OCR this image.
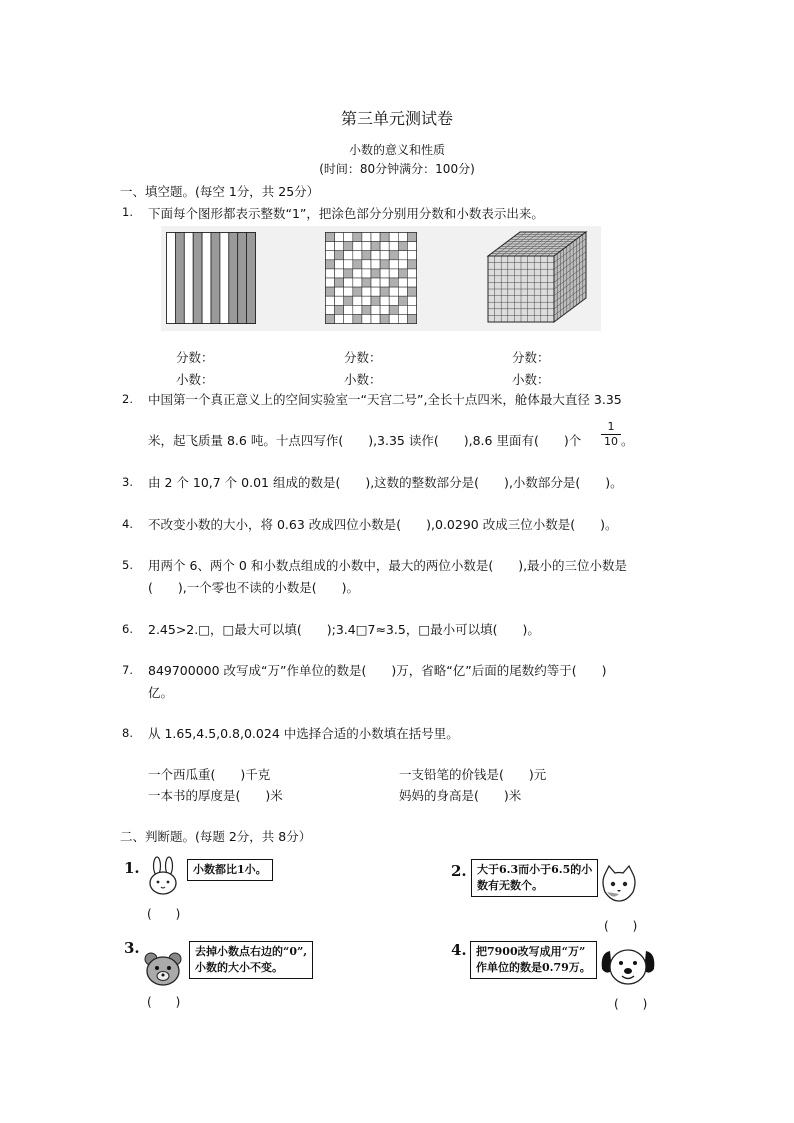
第三单元测试卷
小数的意义和性质
(时间：80分钟满分：100分)
一、填空题。(每空 1分，共 25分）
1. 下面每个图形都表示整数“1”，把涂色部分分别用分数和小数表示出来。
分数：
小数：
分数：
小数：
分数：
小数：
2. 中国第一个真正意义上的空间实验室一“天宫二号”,全长十点四米，舱体最大直径 3.35
米，起飞质量 8.6 吨。十点四写作(　　),3.35 读作(　　),8.6 里面有(　　)个 $\frac{1}{10}$ 。
3. 由 2 个 10,7 个 0.01 组成的数是(　　),这数的整数部分是(　　),小数部分是(　　)。
4. 不改变小数的大小，将 0.63 改成四位小数是(　　),0.0290 改成三位小数是(　　)。
5. 用两个 6、两个 0 和小数点组成的小数中，最大的两位小数是(　　),最小的三位小数是
(　　),一个零也不读的小数是(　　)。
6. 2.45>2.□，□最大可以填(　　);3.4□7≈3.5，□最小可以填(　　)。
7. 849700000 改写成“万”作单位的数是(　　)万，省略“亿”后面的尾数约等于(　　)
亿。
8. 从 1.65,4.5,0.8,0.024 中选择合适的小数填在括号里。
一个西瓜重(　　)千克	一支铅笔的价钱是(　　)元
一本书的厚度是(　　)米	妈妈的身高是(　　)米
二、判断题。(每题 2分，共 8分）
1.	小数都比1小。
(　　)
2. 大于6.3而小于6.5的小
数有无数个。
(　　)
3.	去掉小数点右边的“0”,
小数的大小不变。
(　　)
4. 把7900改写成用“万”
作单位的数是0.79万。
(　　)
